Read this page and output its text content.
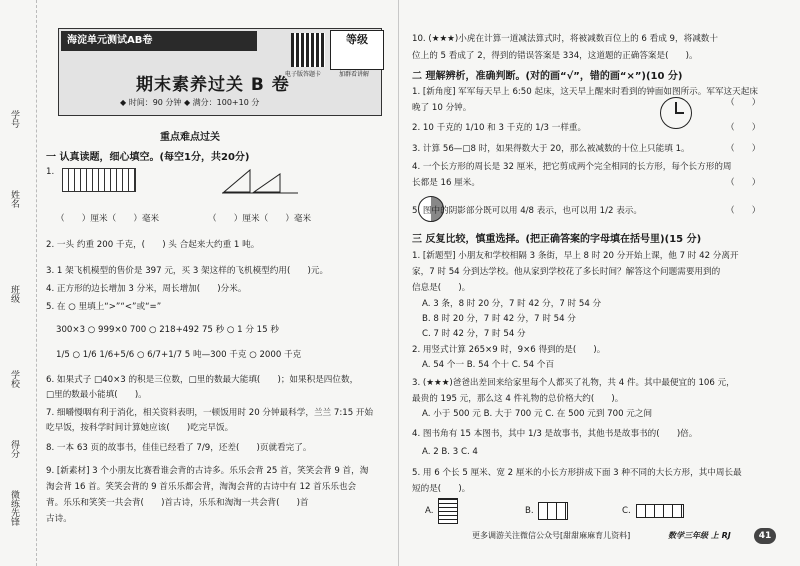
学号
姓名
班级
学校
得分
微练先锋
海淀单元测试AB卷
电子版答题卡	加群看讲解
等级
期末素养过关 B 卷
◆ 时间：90 分钟 ◆ 满分：100+10 分
重点难点过关
一 认真读题，细心填空。(每空1分，共20分)
1.
（　　）厘米（　　）毫米	（　　）厘米（　　）毫米
2. 一头 约重 200 千克，(　　) 头 合起来大约重 1 吨。
3. 1 架飞机模型的售价是 397 元，买 3 架这样的飞机模型约用(　　)元。
4. 正方形的边长增加 3 分米，周长增加(　　)分米。
5. 在 ○ 里填上“>”“<”或“=”
300×3 ○ 999×0 700 ○ 218+492 75 秒 ○ 1 分 15 秒
1/5 ○ 1/6 1/6+5/6 ○ 6/7+1/7 5 吨—300 千克 ○ 2000 千克
6. 如果式子 □40×3 的积是三位数，□里的数最大能填(　　)；如果积是四位数，
□里的数最小能填(　　)。
7. 细嚼慢咽有利于消化，相关资料表明，一顿饭用时 20 分钟最科学，兰兰 7:15 开始
吃早饭，按科学时间计算她应该(　　)吃完早饭。
8. 一本 63 页的故事书，佳佳已经看了 7/9，还差(　　)页就看完了。
9. [新素材] 3 个小朋友比赛看谁会背的古诗多。乐乐会背 25 首，笑笑会背 9 首，淘
淘会背 16 首。笑笑会背的 9 首乐乐都会背，淘淘会背的古诗中有 12 首乐乐也会
背。乐乐和笑笑一共会背(　　)首古诗，乐乐和淘淘一共会背(　　)首
古诗。
10. (★★★)小虎在计算一道减法算式时，将被减数百位上的 6 看成 9，将减数十
位上的 5 看成了 2，得到的错误答案是 334，这道题的正确答案是(　　)。
二 理解辨析，准确判断。(对的画“√”，错的画“×”)(10 分)
1. [新角度] 军军每天早上 6:50 起床，这天早上醒来时看到的钟面如图所示。军军这天起床
晚了 10 分钟。	（　　）
2. 10 千克的 1/10 和 3 千克的 1/3 一样重。	（　　）
3. 计算 56—□8 时，如果得数大于 20，那么被减数的十位上只能填 1。	（　　）
4. 一个长方形的周长是 32 厘米，把它剪成两个完全相同的长方形，每个长方形的周
长都是 16 厘米。	（　　）
5. 图中的阴影部分既可以用 4/8 表示，也可以用 1/2 表示。	（　　）
三 反复比较，慎重选择。(把正确答案的字母填在括号里)(15 分)
1. [新题型] 小朋友和学校相隔 3 条街，早上 8 时 20 分开始上课，他 7 时 42 分离开
家，7 时 54 分到达学校。他从家到学校花了多长时间？解答这个问题需要用到的
信息是(　　)。
A. 3 条，8 时 20 分，7 时 42 分，7 时 54 分
B. 8 时 20 分，7 时 42 分，7 时 54 分
C. 7 时 42 分，7 时 54 分
2. 用竖式计算 265×9 时，9×6 得到的是(　　)。
A. 54 个一 B. 54 个十 C. 54 个百
3. (★★★)爸爸出差回来给家里每个人都买了礼物，共 4 件。其中最便宜的 106 元，
最贵的 195 元，那么这 4 件礼物的总价格大约(　　)。
A. 小于 500 元 B. 大于 700 元 C. 在 500 元到 700 元之间
4. 图书角有 15 本图书，其中 1/3 是故事书，其他书是故事书的(　　)倍。
A. 2 B. 3 C. 4
5. 用 6 个长 5 厘米、宽 2 厘米的小长方形拼成下面 3 种不同的大长方形，其中周长最
短的是(　　)。
A.	B.	C.
更多调游关注微信公众号[甜甜麻麻育儿资料]	数学三年级 上 RJ	41
